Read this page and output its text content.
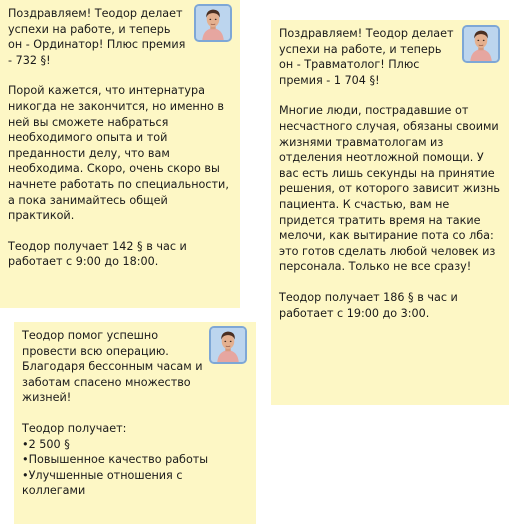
Поздравляем! Теодор делает успехи на работе, и теперь он - Ординатор! Плюс премия - 732 §!

Порой кажется, что интернатура никогда не закончится, но именно в ней вы сможете набраться необходимого опыта и той преданности делу, что вам необходима. Скоро, очень скоро вы начнете работать по специальности, а пока занимайтесь общей практикой.

Теодор получает 142 § в час и работает с 9:00 до 18:00.

Поздравляем! Теодор делает успехи на работе, и теперь он - Травматолог! Плюс премия - 1 704 §!

Многие люди, пострадавшие от несчастного случая, обязаны своими жизнями травматологам из отделения неотложной помощи. У вас есть лишь секунды на принятие решения, от которого зависит жизнь пациента. К счастью, вам не придется тратить время на такие мелочи, как вытирание пота со лба: это готов сделать любой человек из персонала. Только не все сразу!

Теодор получает 186 § в час и работает с 19:00 до 3:00.

Теодор помог успешно провести всю операцию. Благодаря бессонным часам и заботам спасено множество жизней!

Теодор получает:

• 2 500 §
• Повышенное качество работы
• Улучшенные отношения с коллегами
